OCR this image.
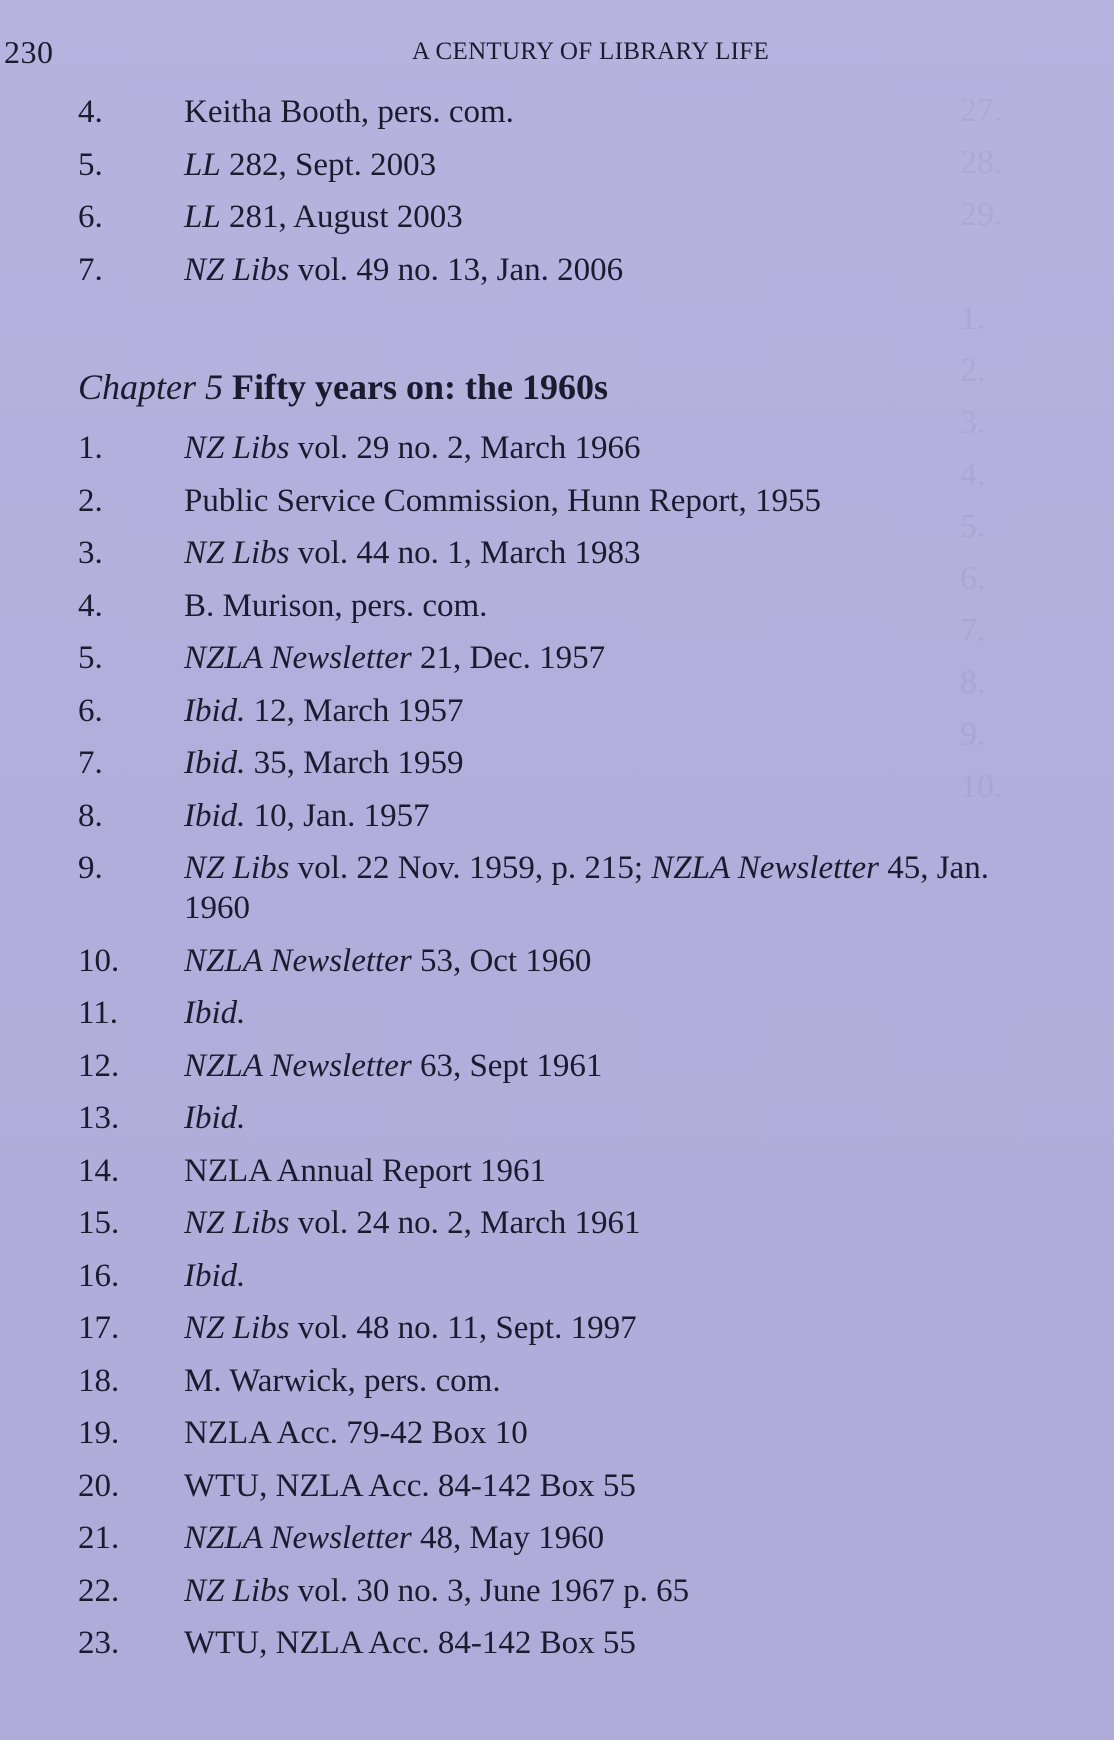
27.
28.
29.

1.
2.
3.
4.
5.
6.
7.
8.
9.
10.
230	A CENTURY OF LIBRARY LIFE
4.	Keitha Booth, pers. com.
5.	LL 282, Sept. 2003
6.	LL 281, August 2003
7.	NZ Libs vol. 49 no. 13, Jan. 2006
Chapter 5 Fifty years on: the 1960s
1.	NZ Libs vol. 29 no. 2, March 1966
2.	Public Service Commission, Hunn Report, 1955
3.	NZ Libs vol. 44 no. 1, March 1983
4.	B. Murison, pers. com.
5.	NZLA Newsletter 21, Dec. 1957
6.	Ibid. 12, March 1957
7.	Ibid. 35, March 1959
8.	Ibid. 10, Jan. 1957
9.	NZ Libs vol. 22 Nov. 1959, p. 215; NZLA Newsletter 45, Jan. 1960
10.	NZLA Newsletter 53, Oct 1960
11.	Ibid.
12.	NZLA Newsletter 63, Sept 1961
13.	Ibid.
14.	NZLA Annual Report 1961
15.	NZ Libs vol. 24 no. 2, March 1961
16.	Ibid.
17.	NZ Libs vol. 48 no. 11, Sept. 1997
18.	M. Warwick, pers. com.
19.	NZLA Acc. 79-42 Box 10
20.	WTU, NZLA Acc. 84-142 Box 55
21.	NZLA Newsletter 48, May 1960
22.	NZ Libs vol. 30 no. 3, June 1967 p. 65
23.	WTU, NZLA Acc. 84-142 Box 55
